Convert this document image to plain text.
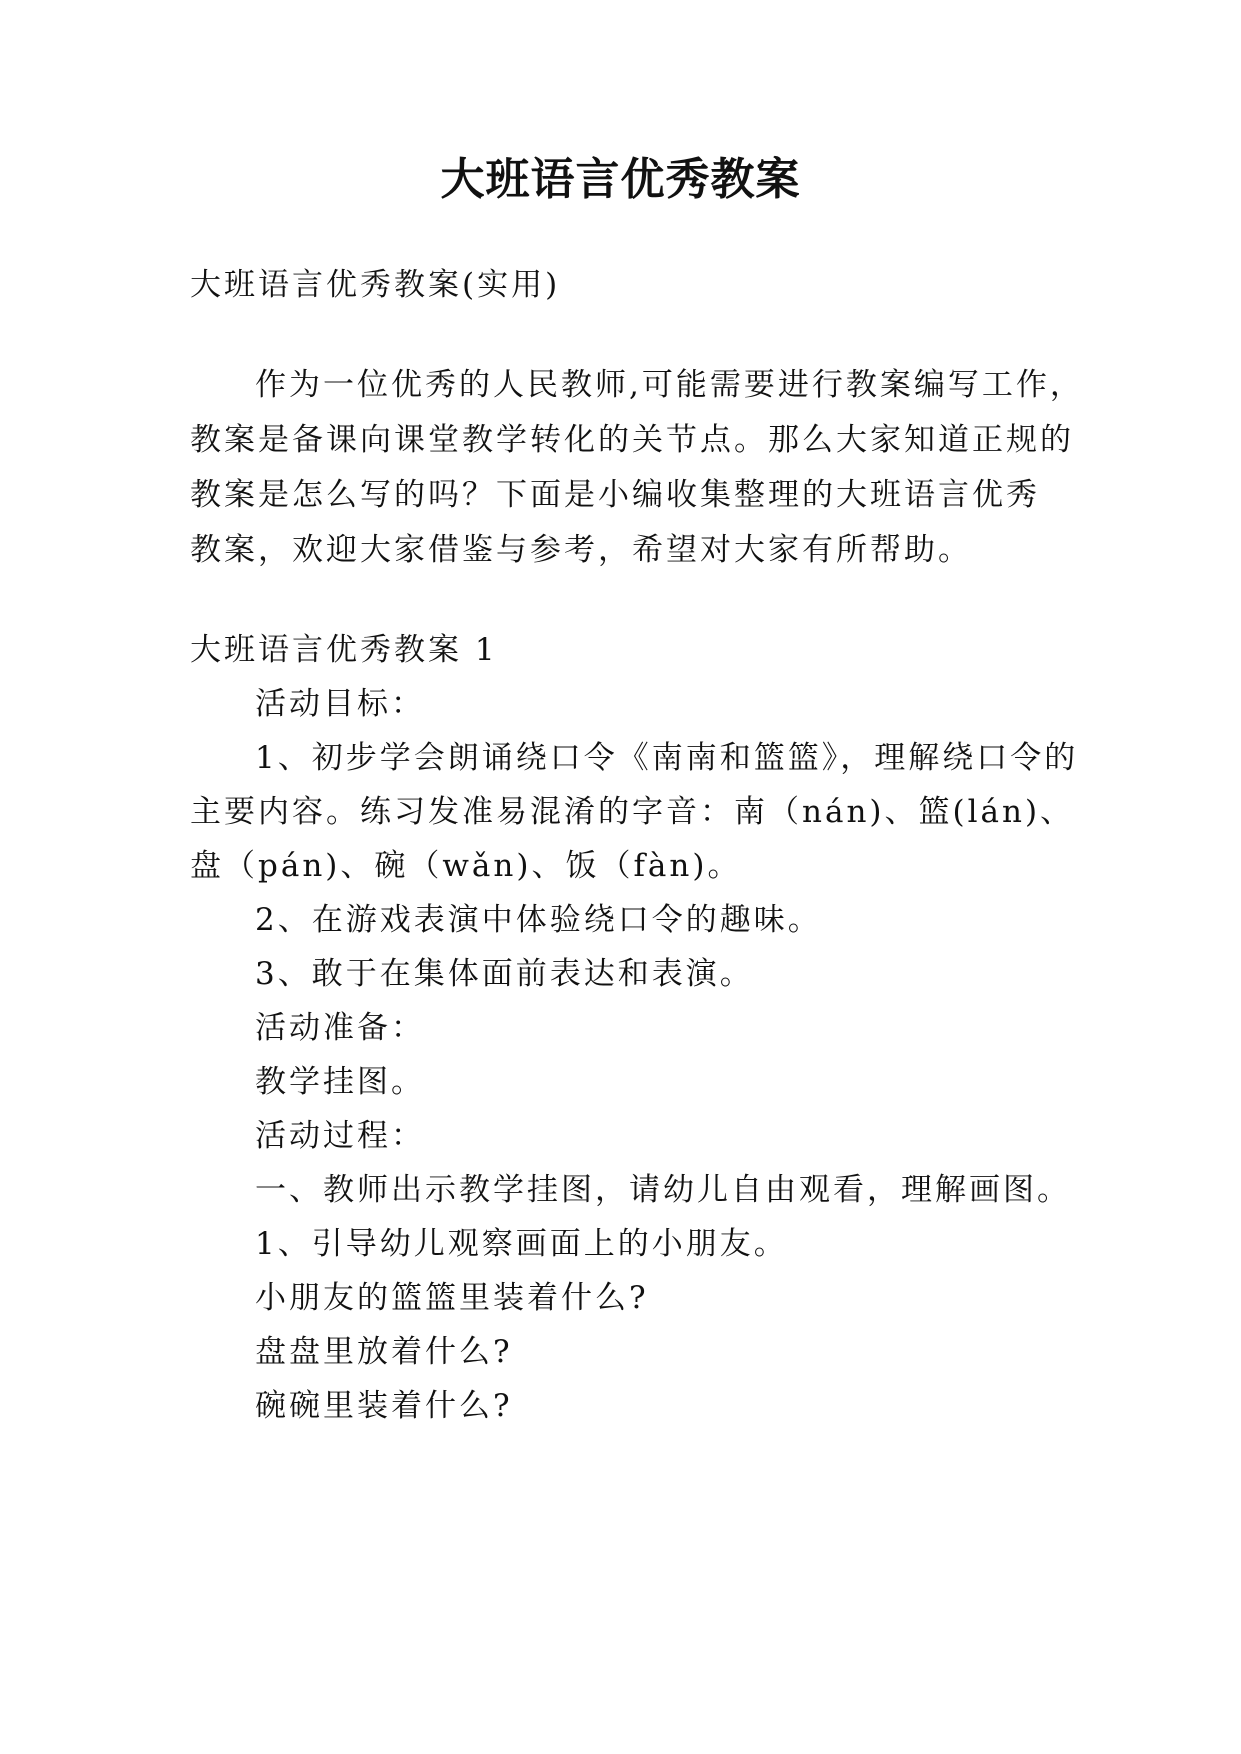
大班语言优秀教案
大班语言优秀教案(实用)
作为一位优秀的人民教师,可能需要进行教案编写工作，
教案是备课向课堂教学转化的关节点。那么大家知道正规的
教案是怎么写的吗？下面是小编收集整理的大班语言优秀
教案，欢迎大家借鉴与参考，希望对大家有所帮助。
大班语言优秀教案 1
活动目标：
1、初步学会朗诵绕口令《南南和篮篮》，理解绕口令的
主要内容。练习发准易混淆的字音：南（nán)、篮(lán)、
盘（pán)、碗（wǎn)、饭（fàn)。
2、在游戏表演中体验绕口令的趣味。
3、敢于在集体面前表达和表演。
活动准备：
教学挂图。
活动过程：
一、教师出示教学挂图，请幼儿自由观看，理解画图。
1、引导幼儿观察画面上的小朋友。
小朋友的篮篮里装着什么?
盘盘里放着什么?
碗碗里装着什么?
